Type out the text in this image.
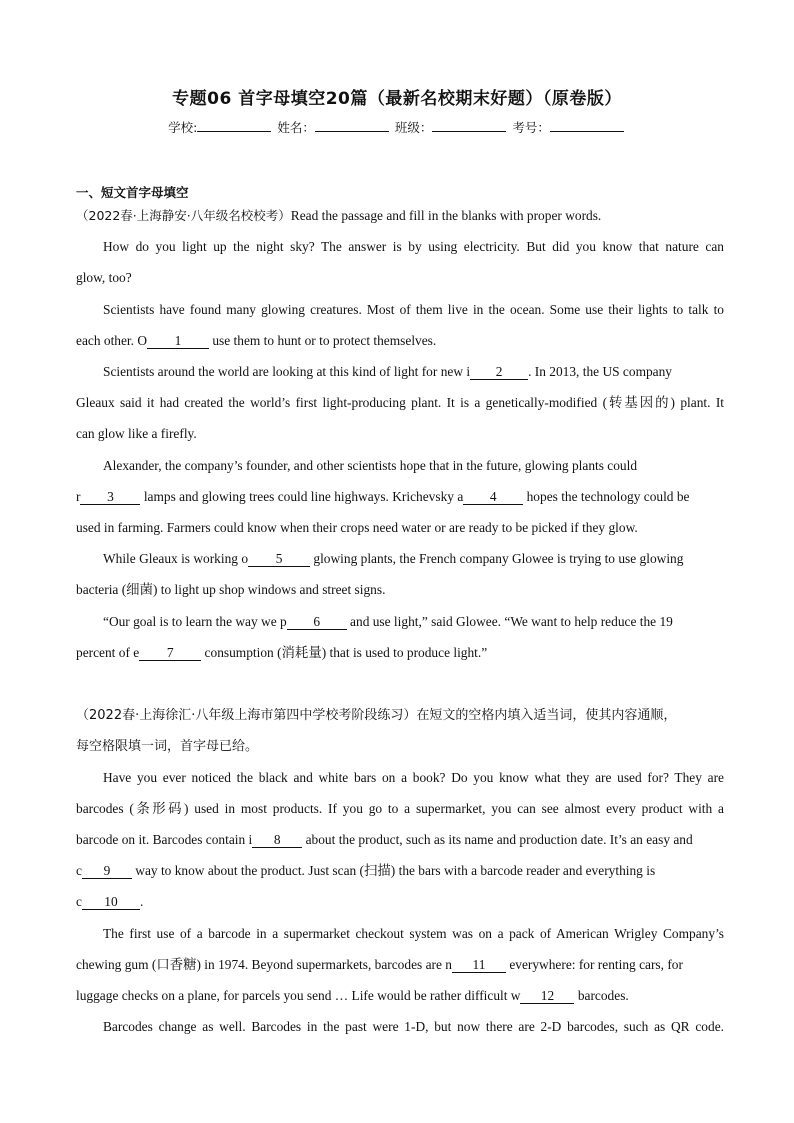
专题06 首字母填空20篇（最新名校期末好题）（原卷版）
学校:	姓名：	班级：	考号：
一、短文首字母填空
（2022春·上海静安·八年级名校校考）Read the passage and fill in the blanks with proper words.
How do you light up the night sky? The answer is by using electricity. But did you know that nature can
glow, too?
Scientists have found many glowing creatures. Most of them live in the ocean. Some use their lights to talk to
each other. O 1 use them to hunt or to protect themselves.
Scientists around the world are looking at this kind of light for new i 2 . In 2013, the US company
Gleaux said it had created the world’s first light-producing plant. It is a genetically-modified (转基因的) plant. It
can glow like a firefly.
Alexander, the company’s founder, and other scientists hope that in the future, glowing plants could
r 3 lamps and glowing trees could line highways. Krichevsky a 4 hopes the technology could be
used in farming. Farmers could know when their crops need water or are ready to be picked if they glow.
While Gleaux is working o 5 glowing plants, the French company Glowee is trying to use glowing
bacteria (细菌) to light up shop windows and street signs.
“Our goal is to learn the way we p 6 and use light,” said Glowee. “We want to help reduce the 19
percent of e 7 consumption (消耗量) that is used to produce light.”
（2022春·上海徐汇·八年级上海市第四中学校考阶段练习）在短文的空格内填入适当词，使其内容通顺，
每空格限填一词，首字母已给。
Have you ever noticed the black and white bars on a book? Do you know what they are used for? They are
barcodes (条形码) used in most products. If you go to a supermarket, you can see almost every product with a
barcode on it. Barcodes contain i 8 about the product, such as its name and production date. It’s an easy and
c 9 way to know about the product. Just scan (扫描) the bars with a barcode reader and everything is
c 10 .
The first use of a barcode in a supermarket checkout system was on a pack of American Wrigley Company’s
chewing gum (口香糖) in 1974. Beyond supermarkets, barcodes are n 11 everywhere: for renting cars, for
luggage checks on a plane, for parcels you send … Life would be rather difficult w 12 barcodes.
Barcodes change as well. Barcodes in the past were 1-D, but now there are 2-D barcodes, such as QR code.
